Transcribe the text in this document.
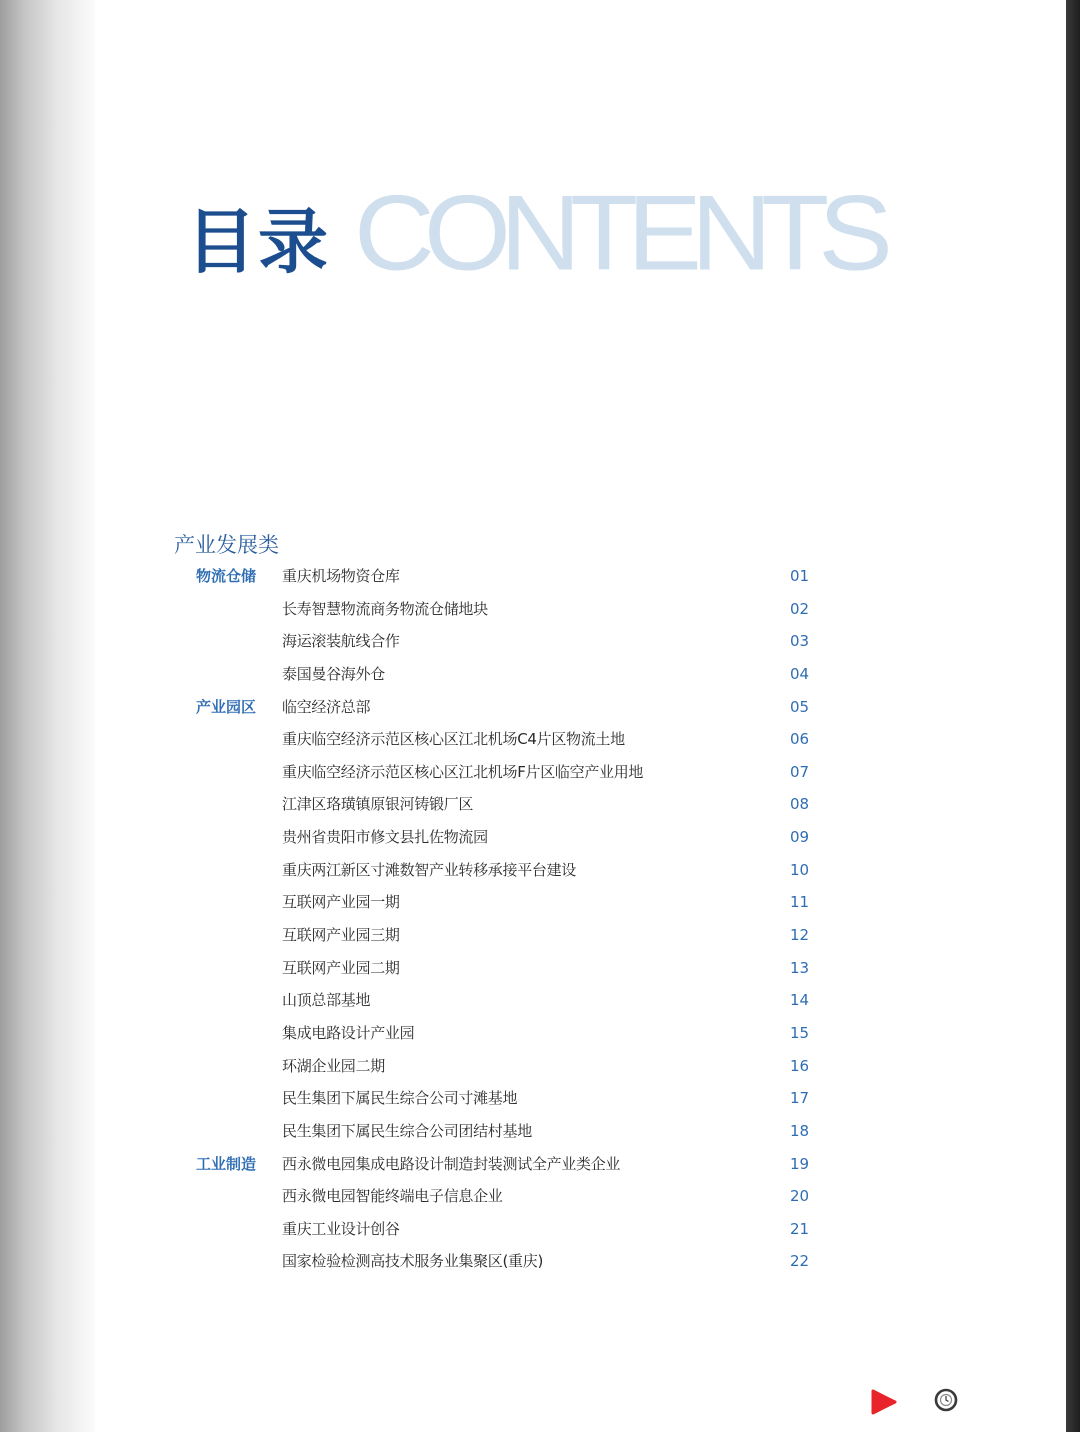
目录 CONTENTS
产业发展类
物流仓储 重庆机场物资仓库	01
长寿智慧物流商务物流仓储地块	02
海运滚装航线合作	03
泰国曼谷海外仓	04
产业园区 临空经济总部	05
重庆临空经济示范区核心区江北机场C4片区物流土地	06
重庆临空经济示范区核心区江北机场F片区临空产业用地	07
江津区珞璜镇原银河铸锻厂区	08
贵州省贵阳市修文县扎佐物流园	09
重庆两江新区寸滩数智产业转移承接平台建设	10
互联网产业园一期	11
互联网产业园三期	12
互联网产业园二期	13
山顶总部基地	14
集成电路设计产业园	15
环湖企业园二期	16
民生集团下属民生综合公司寸滩基地	17
民生集团下属民生综合公司团结村基地	18
工业制造 西永微电园集成电路设计制造封装测试全产业类企业	19
西永微电园智能终端电子信息企业	20
重庆工业设计创谷	21
国家检验检测高技术服务业集聚区(重庆)	22
